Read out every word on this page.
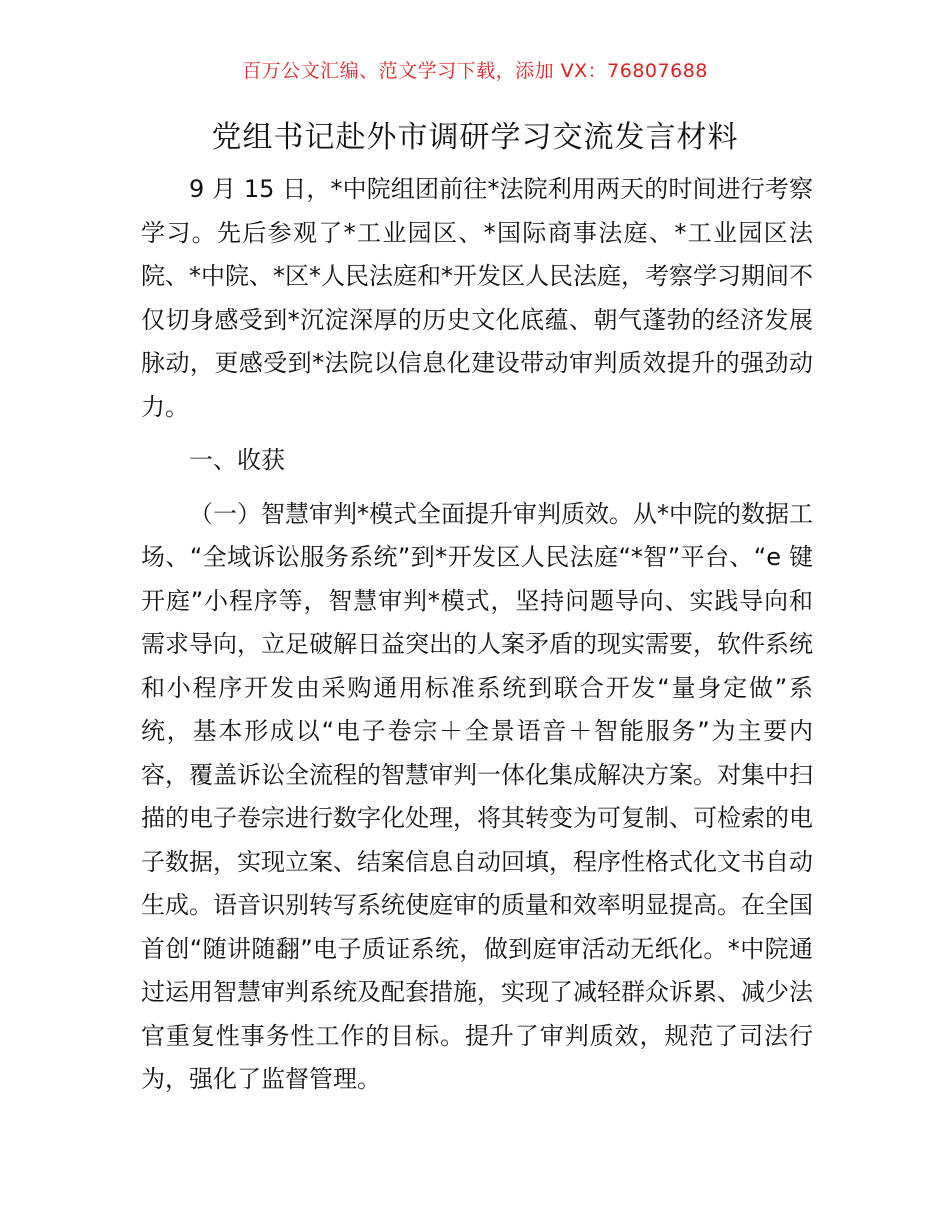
百万公文汇编、范文学习下载，添加 VX：76807688
党组书记赴外市调研学习交流发言材料

9 月 15 日，*中院组团前往*法院利用两天的时间进行考察学习。先后参观了*工业园区、*国际商事法庭、*工业园区法院、*中院、*区*人民法庭和*开发区人民法庭，考察学习期间不仅切身感受到*沉淀深厚的历史文化底蕴、朝气蓬勃的经济发展脉动，更感受到*法院以信息化建设带动审判质效提升的强劲动力。

一、收获

（一）智慧审判*模式全面提升审判质效。从*中院的数据工场、“全域诉讼服务系统”到*开发区人民法庭“*智”平台、“e 键开庭”小程序等，智慧审判*模式，坚持问题导向、实践导向和需求导向，立足破解日益突出的人案矛盾的现实需要，软件系统和小程序开发由采购通用标准系统到联合开发“量身定做”系统，基本形成以“电子卷宗＋全景语音＋智能服务”为主要内容，覆盖诉讼全流程的智慧审判一体化集成解决方案。对集中扫描的电子卷宗进行数字化处理，将其转变为可复制、可检索的电子数据，实现立案、结案信息自动回填，程序性格式化文书自动生成。语音识别转写系统使庭审的质量和效率明显提高。在全国首创“随讲随翻”电子质证系统，做到庭审活动无纸化。*中院通过运用智慧审判系统及配套措施，实现了减轻群众诉累、减少法官重复性事务性工作的目标。提升了审判质效，规范了司法行为，强化了监督管理。
